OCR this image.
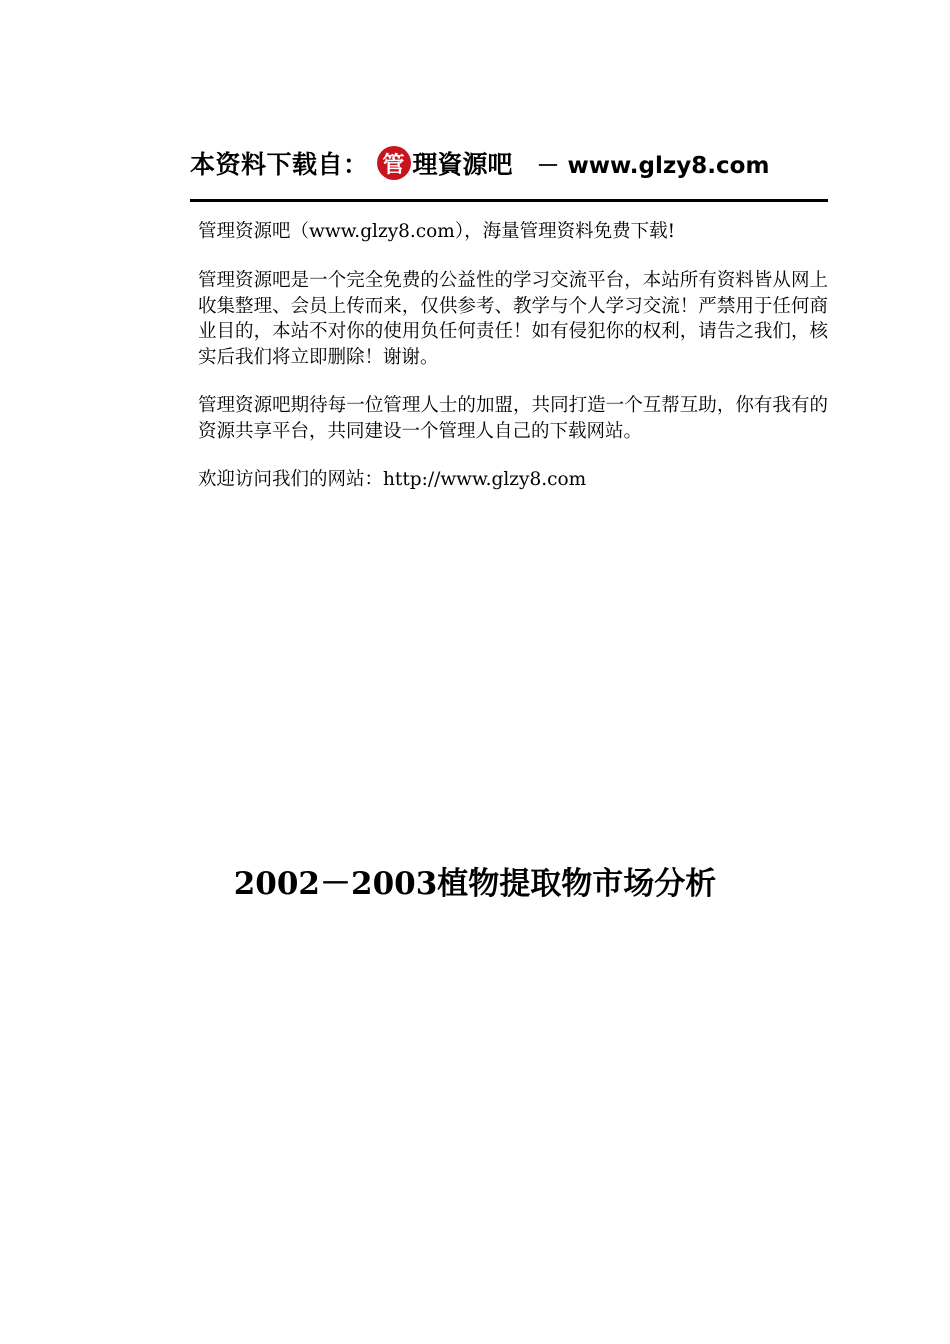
本资料下载自： 管 理資源吧 － www.glzy8.com

管理资源吧（www.glzy8.com），海量管理资料免费下载!

管理资源吧是一个完全免费的公益性的学习交流平台，本站所有资料皆从网上收集整理、会员上传而来，仅供参考、教学与个人学习交流！严禁用于任何商业目的，本站不对你的使用负任何责任！如有侵犯你的权利，请告之我们，核实后我们将立即删除！谢谢。

管理资源吧期待每一位管理人士的加盟，共同打造一个互帮互助，你有我有的资源共享平台，共同建设一个管理人自己的下载网站。

欢迎访问我们的网站：http://www.glzy8.com

2002－2003植物提取物市场分析
